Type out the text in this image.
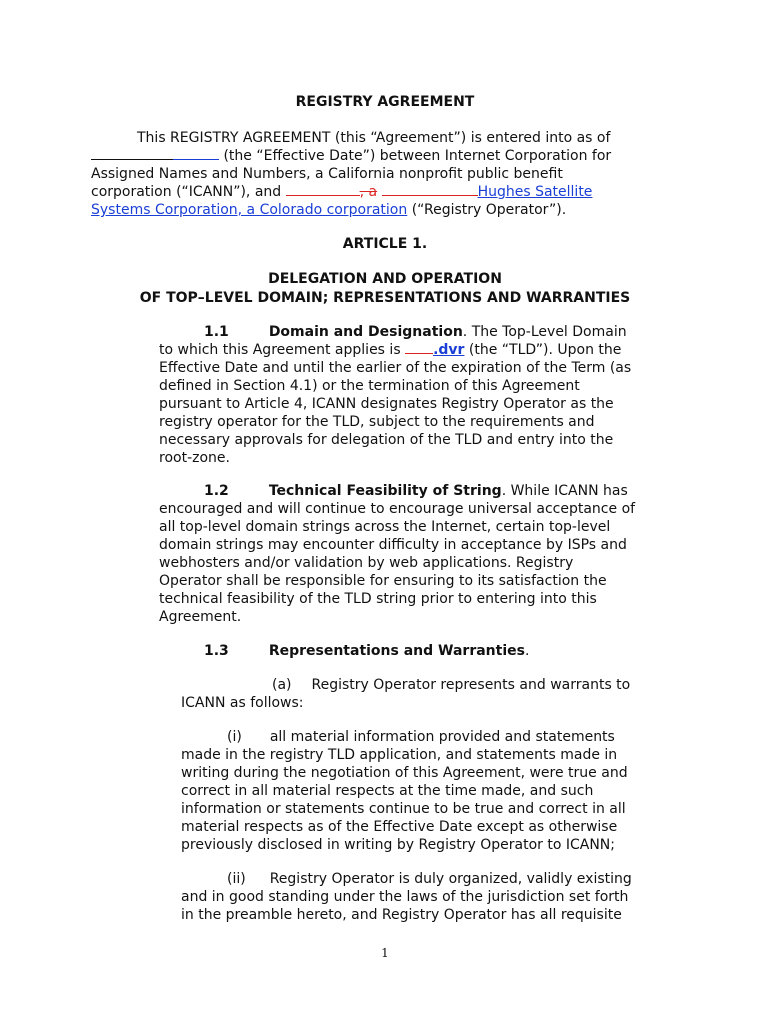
REGISTRY AGREEMENT
This REGISTRY AGREEMENT (this “Agreement”) is entered into as of
(the “Effective Date”) between Internet Corporation for
Assigned Names and Numbers, a California nonprofit public benefit
corporation (“ICANN”), and	, a	Hughes Satellite
Systems Corporation, a Colorado corporation (“Registry Operator”).
ARTICLE 1.
DELEGATION AND OPERATION
OF TOP–LEVEL DOMAIN; REPRESENTATIONS AND WARRANTIES
1.1	Domain and Designation. The Top-Level Domain
to which this Agreement applies is .dvr (the “TLD”). Upon the
Effective Date and until the earlier of the expiration of the Term (as
defined in Section 4.1) or the termination of this Agreement
pursuant to Article 4, ICANN designates Registry Operator as the
registry operator for the TLD, subject to the requirements and
necessary approvals for delegation of the TLD and entry into the
root-zone.
1.2	Technical Feasibility of String. While ICANN has
encouraged and will continue to encourage universal acceptance of
all top-level domain strings across the Internet, certain top-level
domain strings may encounter difficulty in acceptance by ISPs and
webhosters and/or validation by web applications. Registry
Operator shall be responsible for ensuring to its satisfaction the
technical feasibility of the TLD string prior to entering into this
Agreement.
1.3	Representations and Warranties.
(a) Registry Operator represents and warrants to
ICANN as follows:
(i) all material information provided and statements
made in the registry TLD application, and statements made in
writing during the negotiation of this Agreement, were true and
correct in all material respects at the time made, and such
information or statements continue to be true and correct in all
material respects as of the Effective Date except as otherwise
previously disclosed in writing by Registry Operator to ICANN;
(ii) Registry Operator is duly organized, validly existing
and in good standing under the laws of the jurisdiction set forth
in the preamble hereto, and Registry Operator has all requisite
1
